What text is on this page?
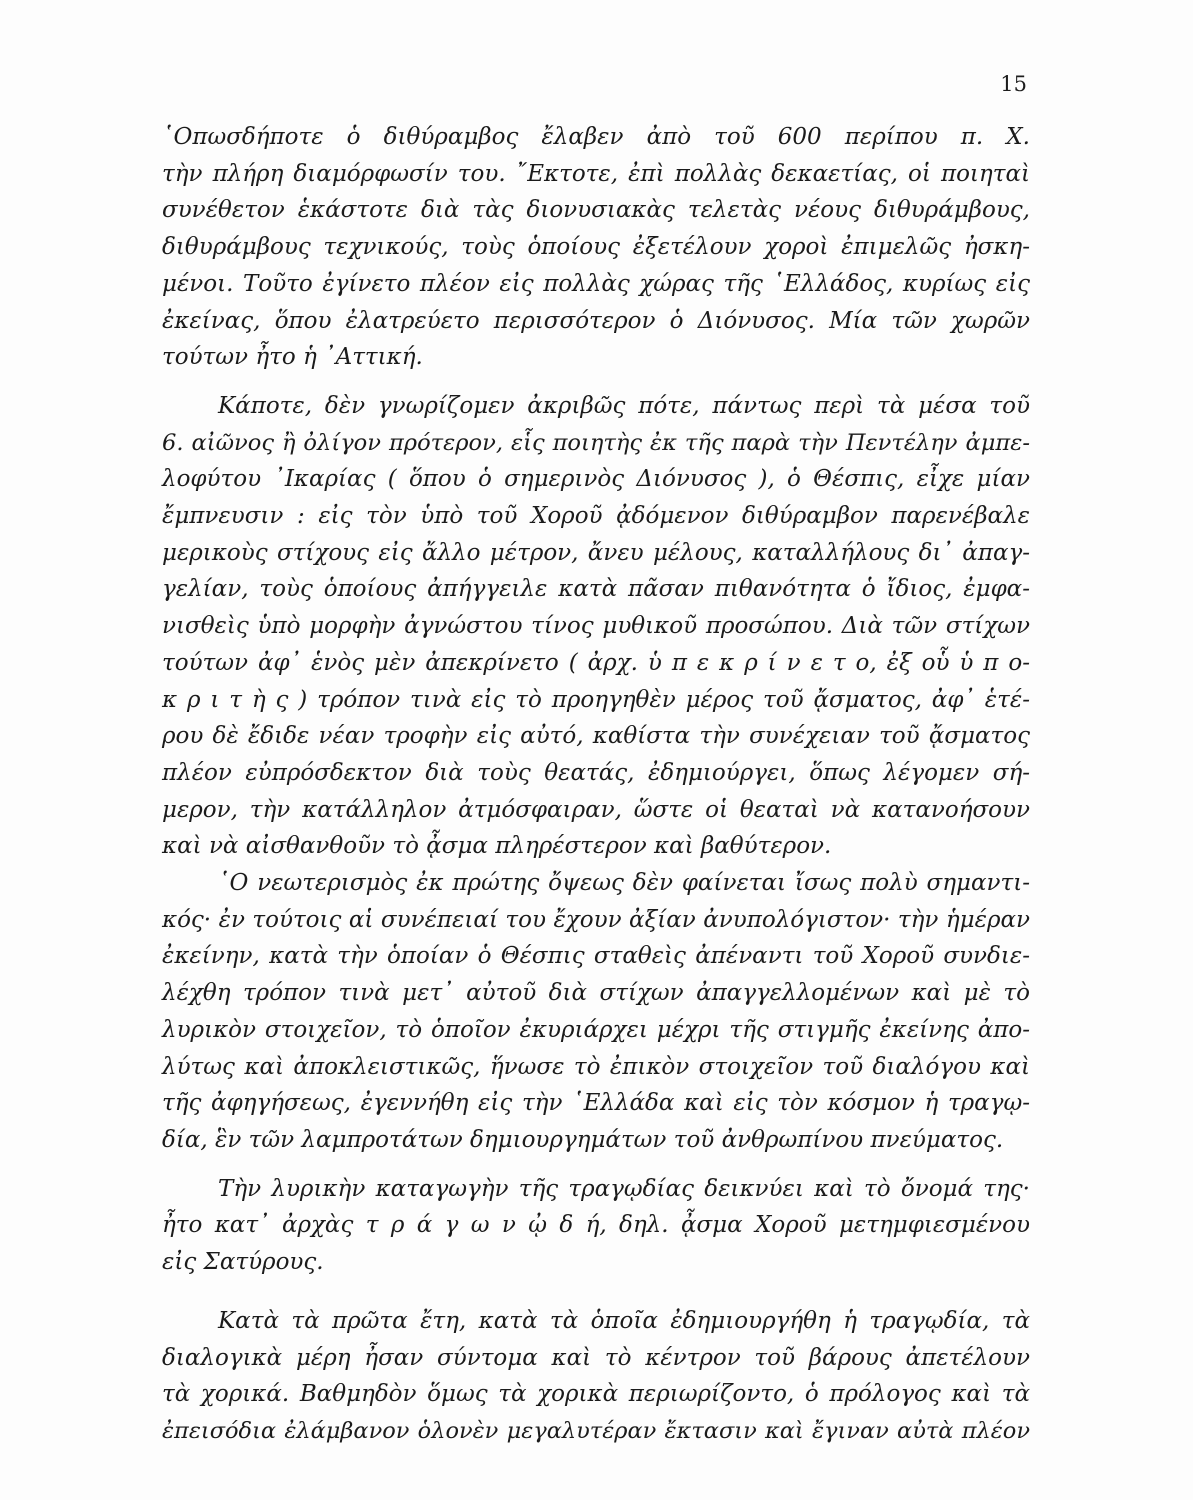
15
῾Οπωσδήποτε ὁ διθύραμβος ἔλαβεν ἀπὸ τοῦ 600 περίπου π. Χ.
τὴν πλήρη διαμόρφωσίν του. ῎Εκτοτε, ἐπὶ πολλὰς δεκαετίας, οἱ ποιηταὶ
συνέθετον ἑκάστοτε διὰ τὰς διονυσιακὰς τελετὰς νέους διθυράμβους,
διθυράμβους τεχνικούς, τοὺς ὁποίους ἐξετέλουν χοροὶ ἐπιμελῶς ἠσκη-
μένοι. Τοῦτο ἐγίνετο πλέον εἰς πολλὰς χώρας τῆς ῾Ελλάδος, κυρίως εἰς
ἐκείνας, ὅπου ἐλατρεύετο περισσότερον ὁ Διόνυσος. Μία τῶν χωρῶν
τούτων ἦτο ἡ ᾿Αττική.
Κάποτε, δὲν γνωρίζομεν ἀκριβῶς πότε, πάντως περὶ τὰ μέσα τοῦ
6. αἰῶνος ἢ ὀλίγον πρότερον, εἷς ποιητὴς ἐκ τῆς παρὰ τὴν Πεντέλην ἀμπε-
λοφύτου ᾿Ικαρίας ( ὅπου ὁ σημερινὸς Διόνυσος ), ὁ Θέσπις, εἶχε μίαν
ἔμπνευσιν : εἰς τὸν ὑπὸ τοῦ Χοροῦ ᾀδόμενον διθύραμβον παρενέβαλε
μερικοὺς στίχους εἰς ἄλλο μέτρον, ἄνευ μέλους, καταλλήλους δι᾿ ἀπαγ-
γελίαν, τοὺς ὁποίους ἀπήγγειλε κατὰ πᾶσαν πιθανότητα ὁ ἴδιος, ἐμφα-
νισθεὶς ὑπὸ μορφὴν ἀγνώστου τίνος μυθικοῦ προσώπου. Διὰ τῶν στίχων
τούτων ἀφ᾿ ἑνὸς μὲν ἀπεκρίνετο ( ἀρχ. ὑ π ε κ ρ ί ν ε τ ο, ἐξ οὗ ὑ π ο-
κ ρ ι τ ὴ ς ) τρόπον τινὰ εἰς τὸ προηγηθὲν μέρος τοῦ ᾄσματος, ἀφ᾿ ἑτέ-
ρου δὲ ἔδιδε νέαν τροφὴν εἰς αὐτό, καθίστα τὴν συνέχειαν τοῦ ᾄσματος
πλέον εὐπρόσδεκτον διὰ τοὺς θεατάς, ἐδημιούργει, ὅπως λέγομεν σή-
μερον, τὴν κατάλληλον ἀτμόσφαιραν, ὥστε οἱ θεαταὶ νὰ κατανοήσουν
καὶ νὰ αἰσθανθοῦν τὸ ᾆσμα πληρέστερον καὶ βαθύτερον.
῾Ο νεωτερισμὸς ἐκ πρώτης ὄψεως δὲν φαίνεται ἴσως πολὺ σημαντι-
κός· ἐν τούτοις αἱ συνέπειαί του ἔχουν ἀξίαν ἀνυπολόγιστον· τὴν ἡμέραν
ἐκείνην, κατὰ τὴν ὁποίαν ὁ Θέσπις σταθεὶς ἀπέναντι τοῦ Χοροῦ συνδιε-
λέχθη τρόπον τινὰ μετ᾿ αὐτοῦ διὰ στίχων ἀπαγγελλομένων καὶ μὲ τὸ
λυρικὸν στοιχεῖον, τὸ ὁποῖον ἐκυριάρχει μέχρι τῆς στιγμῆς ἐκείνης ἀπο-
λύτως καὶ ἀποκλειστικῶς, ἥνωσε τὸ ἐπικὸν στοιχεῖον τοῦ διαλόγου καὶ
τῆς ἀφηγήσεως, ἐγεννήθη εἰς τὴν ῾Ελλάδα καὶ εἰς τὸν κόσμον ἡ τραγῳ-
δία, ἓν τῶν λαμπροτάτων δημιουργημάτων τοῦ ἀνθρωπίνου πνεύματος.
Τὴν λυρικὴν καταγωγὴν τῆς τραγῳδίας δεικνύει καὶ τὸ ὄνομά της·
ἦτο κατ᾿ ἀρχὰς τ ρ ά γ ω ν ᾠ δ ή, δηλ. ᾆσμα Χοροῦ μετημφιεσμένου
εἰς Σατύρους.
Κατὰ τὰ πρῶτα ἔτη, κατὰ τὰ ὁποῖα ἐδημιουργήθη ἡ τραγῳδία, τὰ
διαλογικὰ μέρη ἦσαν σύντομα καὶ τὸ κέντρον τοῦ βάρους ἀπετέλουν
τὰ χορικά. Βαθμηδὸν ὅμως τὰ χορικὰ περιωρίζοντο, ὁ πρόλογος καὶ τὰ
ἐπεισόδια ἐλάμβανον ὁλονὲν μεγαλυτέραν ἔκτασιν καὶ ἔγιναν αὐτὰ πλέον
